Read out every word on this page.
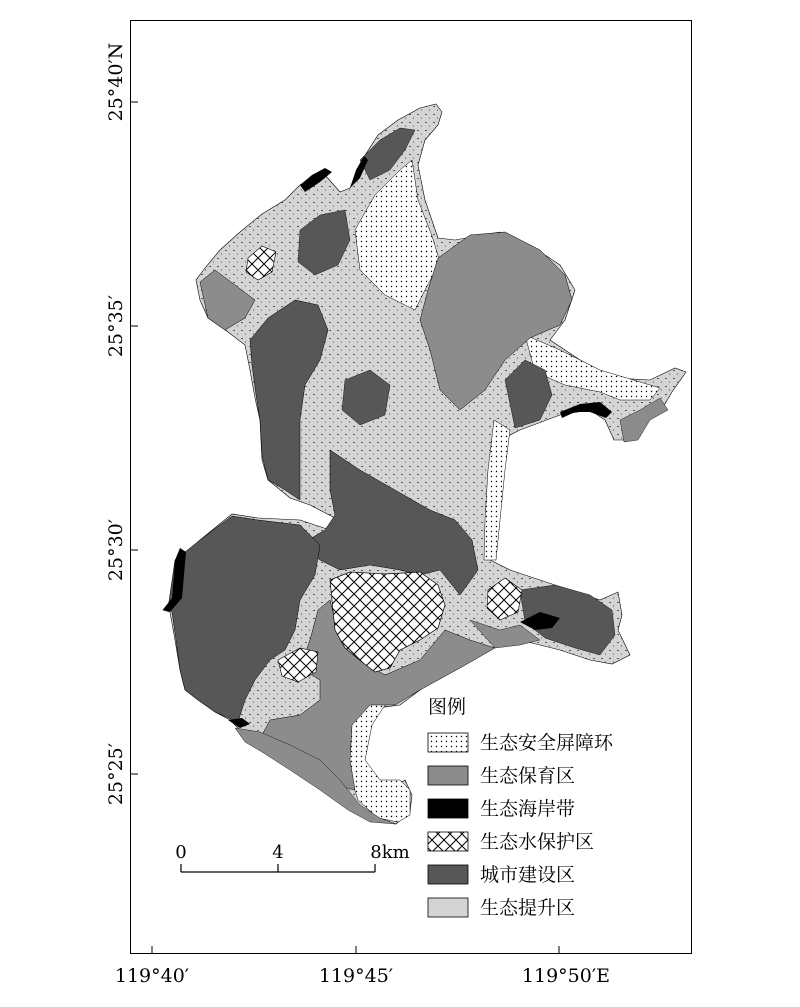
119°40′	119°45′	119°50′E
25°40′N
25°35′
25°30′
25°25′
图例
生态安全屏障环
生态保育区
生态海岸带
生态水保护区
城市建设区
生态提升区
0	4	8km
